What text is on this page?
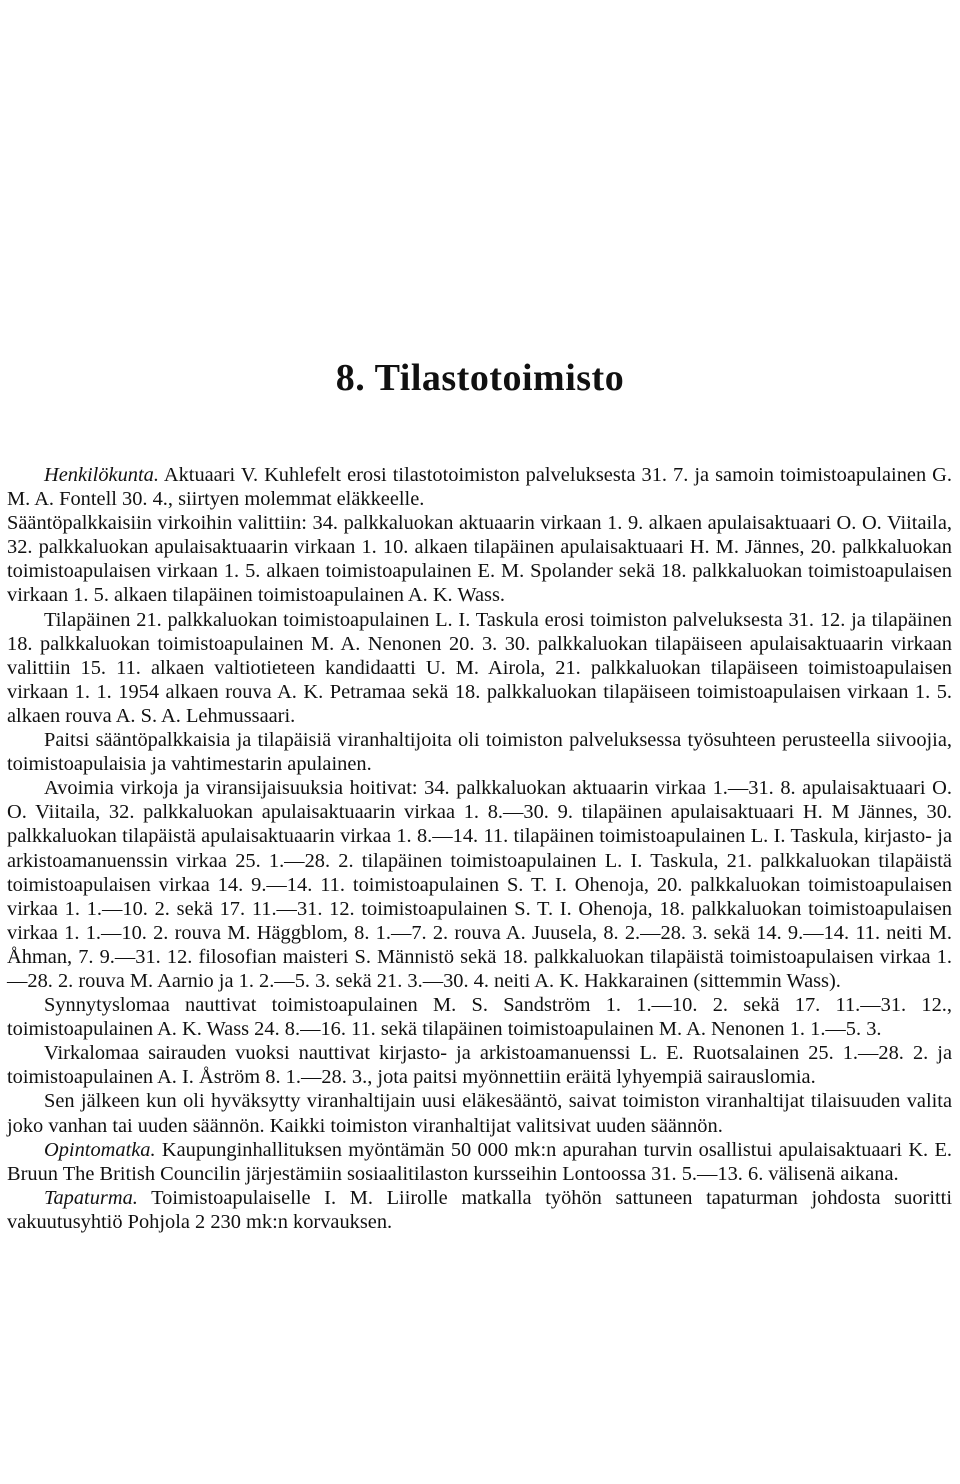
8. Tilastotoimisto

Henkilökunta. Aktuaari V. Kuhlefelt erosi tilastotoimiston palveluksesta 31. 7. ja samoin toimistoapulainen G. M. A. Fontell 30. 4., siirtyen molemmat eläkkeelle.

Sääntöpalkkaisiin virkoihin valittiin: 34. palkkaluokan aktuaarin virkaan 1. 9. alkaen apulaisaktuaari O. O. Viitaila, 32. palkkaluokan apulaisaktuaarin virkaan 1. 10. alkaen tilapäinen apulaisaktuaari H. M. Jännes, 20. palkkaluokan toimistoapulaisen virkaan 1. 5. alkaen toimistoapulainen E. M. Spolander sekä 18. palkkaluokan toimistoapulaisen virkaan 1. 5. alkaen tilapäinen toimistoapulainen A. K. Wass.

Tilapäinen 21. palkkaluokan toimistoapulainen L. I. Taskula erosi toimiston palveluksesta 31. 12. ja tilapäinen 18. palkkaluokan toimistoapulainen M. A. Nenonen 20. 3. 30. palkkaluokan tilapäiseen apulaisaktuaarin virkaan valittiin 15. 11. alkaen valtiotieteen kandidaatti U. M. Airola, 21. palkkaluokan tilapäiseen toimistoapulaisen virkaan 1. 1. 1954 alkaen rouva A. K. Petramaa sekä 18. palkkaluokan tilapäiseen toimistoapulaisen virkaan 1. 5. alkaen rouva A. S. A. Lehmussaari.

Paitsi sääntöpalkkaisia ja tilapäisiä viranhaltijoita oli toimiston palveluksessa työsuhteen perusteella siivoojia, toimistoapulaisia ja vahtimestarin apulainen.

Avoimia virkoja ja viransijaisuuksia hoitivat: 34. palkkaluokan aktuaarin virkaa 1.—31. 8. apulaisaktuaari O. O. Viitaila, 32. palkkaluokan apulaisaktuaarin virkaa 1. 8.—30. 9. tilapäinen apulaisaktuaari H. M Jännes, 30. palkkaluokan tilapäistä apulaisaktuaarin virkaa 1. 8.—14. 11. tilapäinen toimistoapulainen L. I. Taskula, kirjasto- ja arkistoamanuenssin virkaa 25. 1.—28. 2. tilapäinen toimistoapulainen L. I. Taskula, 21. palkkaluokan tilapäistä toimistoapulaisen virkaa 14. 9.—14. 11. toimistoapulainen S. T. I. Ohenoja, 20. palkkaluokan toimistoapulaisen virkaa 1. 1.—10. 2. sekä 17. 11.—31. 12. toimistoapulainen S. T. I. Ohenoja, 18. palkkaluokan toimistoapulaisen virkaa 1. 1.—10. 2. rouva M. Häggblom, 8. 1.—7. 2. rouva A. Juusela, 8. 2.—28. 3. sekä 14. 9.—14. 11. neiti M. Åhman, 7. 9.—31. 12. filosofian maisteri S. Männistö sekä 18. palkkaluokan tilapäistä toimistoapulaisen virkaa 1.—28. 2. rouva M. Aarnio ja 1. 2.—5. 3. sekä 21. 3.—30. 4. neiti A. K. Hakkarainen (sittemmin Wass).

Synnytyslomaa nauttivat toimistoapulainen M. S. Sandström 1. 1.—10. 2. sekä 17. 11.—31. 12., toimistoapulainen A. K. Wass 24. 8.—16. 11. sekä tilapäinen toimistoapulainen M. A. Nenonen 1. 1.—5. 3.

Virkalomaa sairauden vuoksi nauttivat kirjasto- ja arkistoamanuenssi L. E. Ruotsalainen 25. 1.—28. 2. ja toimistoapulainen A. I. Åström 8. 1.—28. 3., jota paitsi myönnettiin eräitä lyhyempiä sairauslomia.

Sen jälkeen kun oli hyväksytty viranhaltijain uusi eläkesääntö, saivat toimiston viranhaltijat tilaisuuden valita joko vanhan tai uuden säännön. Kaikki toimiston viranhaltijat valitsivat uuden säännön.

Opintomatka. Kaupunginhallituksen myöntämän 50 000 mk:n apurahan turvin osallistui apulaisaktuaari K. E. Bruun The British Councilin järjestämiin sosiaalitilaston kursseihin Lontoossa 31. 5.—13. 6. välisenä aikana.

Tapaturma. Toimistoapulaiselle I. M. Liirolle matkalla työhön sattuneen tapaturman johdosta suoritti vakuutusyhtiö Pohjola 2 230 mk:n korvauksen.
